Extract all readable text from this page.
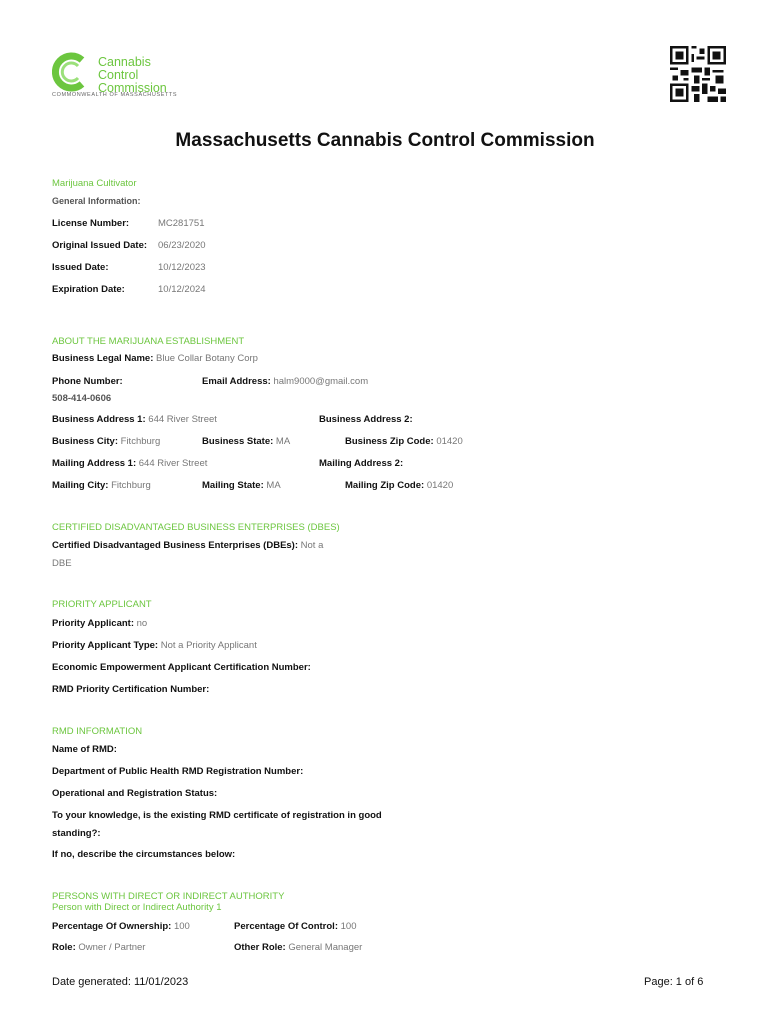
Cannabis
Control
Commission
COMMONWEALTH OF MASSACHUSETTS
Massachusetts Cannabis Control Commission
Marijuana Cultivator
General Information:
License Number:	MC281751
Original Issued Date: 06/23/2020
Issued Date:	10/12/2023
Expiration Date:	10/12/2024
ABOUT THE MARIJUANA ESTABLISHMENT
Business Legal Name: Blue Collar Botany Corp
Phone Number:	Email Address: halm9000@gmail.com
508-414-0606
Business Address 1: 644 River Street	Business Address 2:
Business City: Fitchburg	Business State: MA	Business Zip Code: 01420
Mailing Address 1: 644 River Street	Mailing Address 2:
Mailing City: Fitchburg	Mailing State: MA	Mailing Zip Code: 01420
CERTIFIED DISADVANTAGED BUSINESS ENTERPRISES (DBES)
Certified Disadvantaged Business Enterprises (DBEs): Not a
DBE
PRIORITY APPLICANT
Priority Applicant: no
Priority Applicant Type: Not a Priority Applicant
Economic Empowerment Applicant Certification Number:
RMD Priority Certification Number:
RMD INFORMATION
Name of RMD:
Department of Public Health RMD Registration Number:
Operational and Registration Status:
To your knowledge, is the existing RMD certificate of registration in good
standing?:
If no, describe the circumstances below:
PERSONS WITH DIRECT OR INDIRECT AUTHORITY
Person with Direct or Indirect Authority 1
Percentage Of Ownership: 100	Percentage Of Control: 100
Role: Owner / Partner	Other Role: General Manager
Date generated: 11/01/2023	Page: 1 of 6
